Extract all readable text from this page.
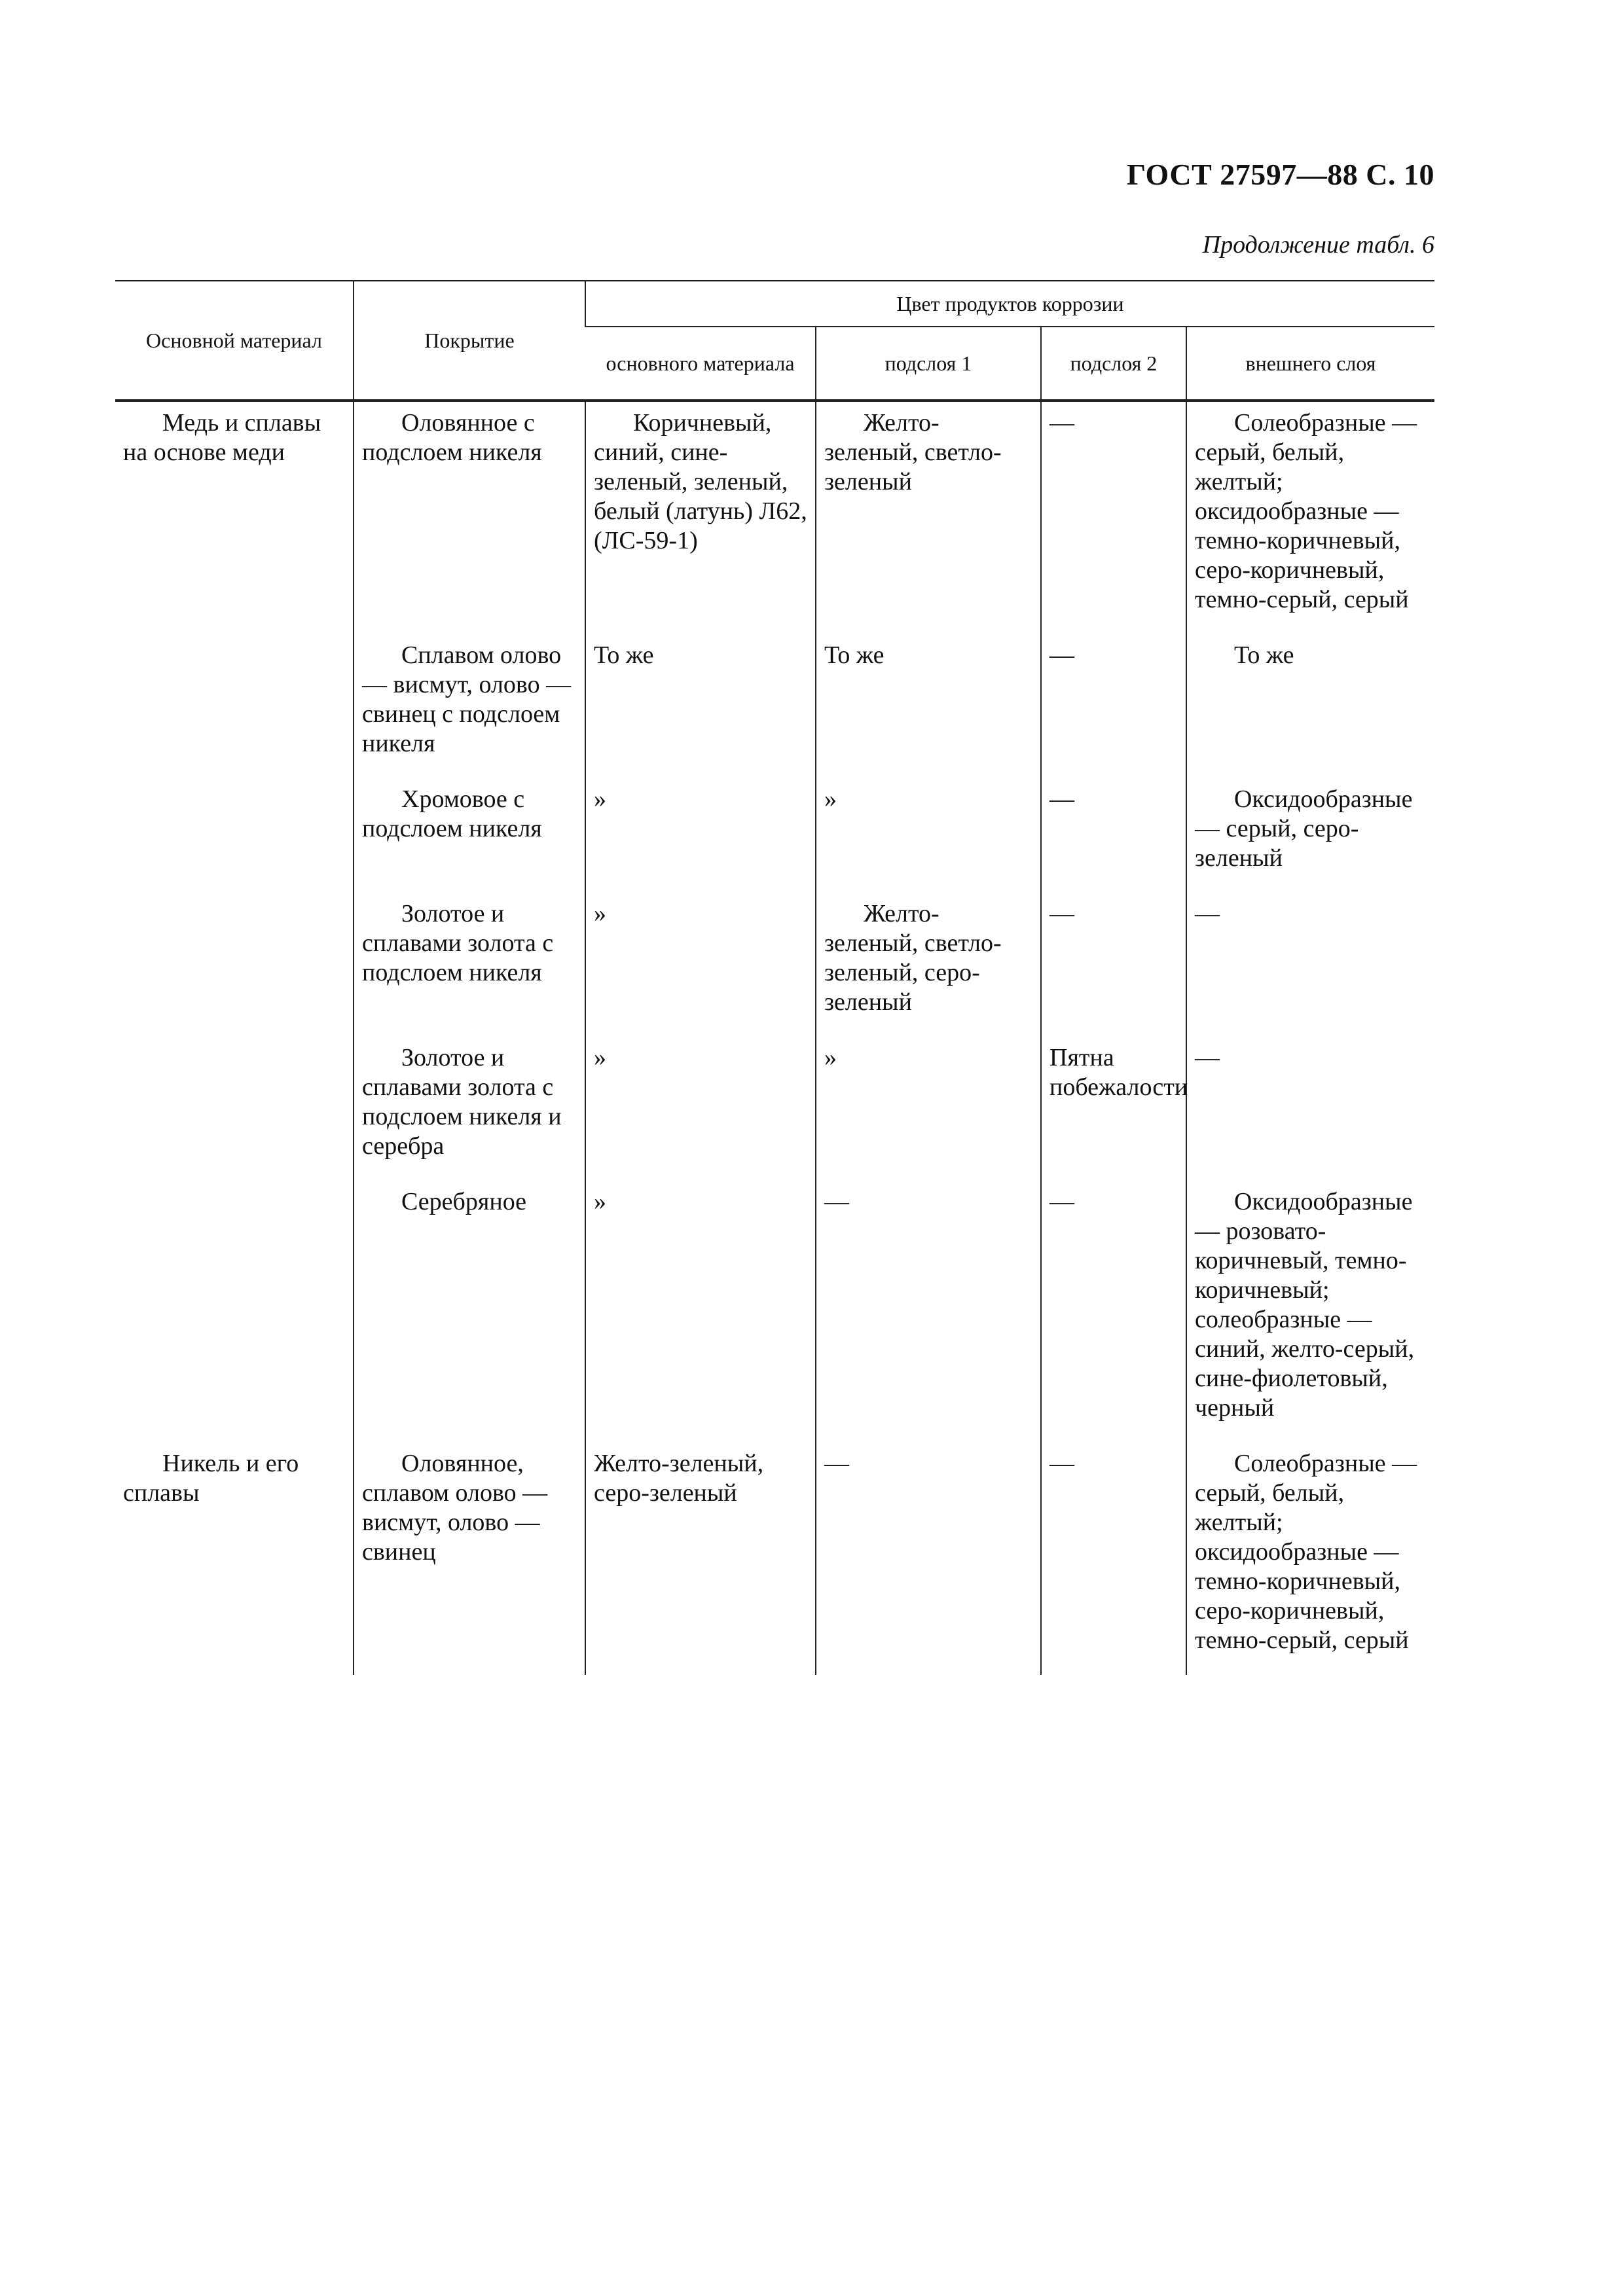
ГОСТ 27597—88 С. 10
Продолжение табл. 6
Основной материал	Покрытие	Цвет продуктов коррозии			
		основного материала	подслоя 1	подслоя 2	внешнего слоя
Медь и сплавы на основе меди	Оловянное с подслоем никеля	Коричневый, синий, сине-зеленый, зеленый, белый (латунь) Л62, (ЛС-59-1)	Желто-зеленый, светло-зеленый	—	Солеобразные — серый, белый, желтый; оксидообразные — темно-коричневый, серо-коричневый, темно-серый, серый
	Сплавом олово — висмут, олово — свинец с подслоем никеля	То же	То же	—	То же
	Хромовое с подслоем никеля	»	»	—	Оксидообразные — серый, серо-зеленый
	Золотое и сплавами золота с подслоем никеля	»	Желто-зеленый, светло-зеленый, серо-зеленый	—	—
	Золотое и сплавами золота с подслоем никеля и серебра	»	»	Пятна побежалости	—
	Серебряное	»	—	—	Оксидообразные — розовато-коричневый, темно-коричневый; солеобразные — синий, желто-серый, сине-фиолетовый, черный
Никель и его сплавы	Оловянное, сплавом олово — висмут, олово — свинец	Желто-зеленый, серо-зеленый	—	—	Солеобразные — серый, белый, желтый; оксидообразные — темно-коричневый, серо-коричневый, темно-серый, серый
